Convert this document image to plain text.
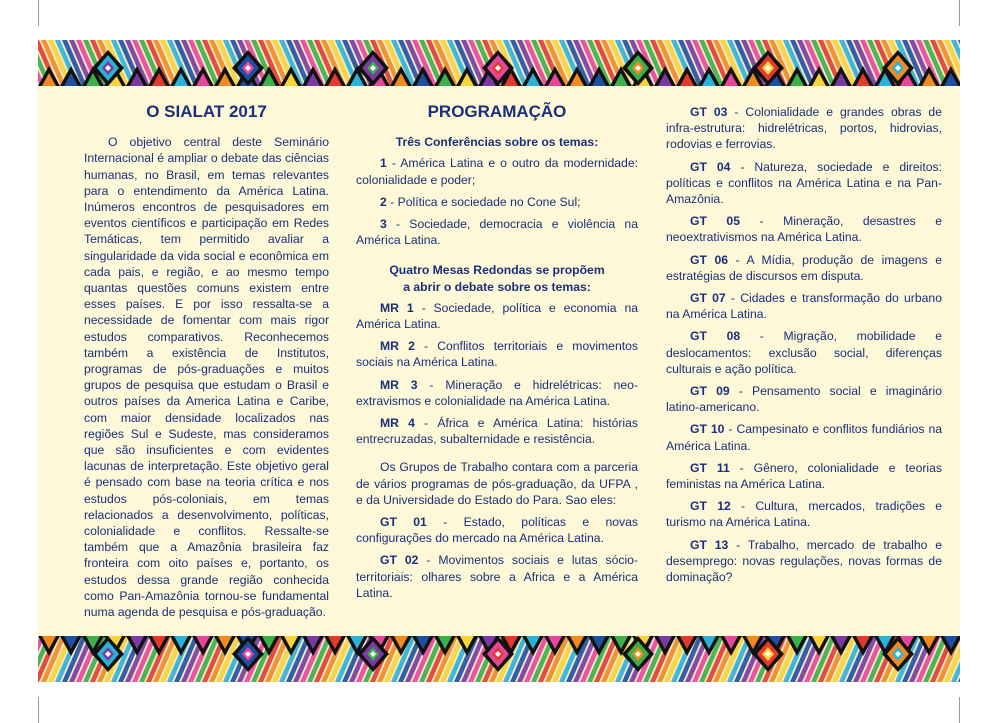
O SIALAT 2017

O objetivo central deste Seminário Internacional é ampliar o debate das ciências humanas, no Brasil, em temas relevantes para o entendimento da América Latina. Inúmeros encontros de pesquisadores em eventos científicos e participação em Redes Temáticas, tem permitido avaliar a singularidade da vida social e econômica em cada pais, e região, e ao mesmo tempo quantas questões comuns existem entre esses países. E por isso ressalta-se a necessidade de fomentar com mais rigor estudos comparativos. Reconhecemos também a existência de Institutos, programas de pós-graduações e muitos grupos de pesquisa que estudam o Brasil e outros países da America Latina e Caribe, com maior densidade localizados nas regiões Sul e Sudeste, mas consideramos que são insuficientes e com evidentes lacunas de interpretação. Este objetivo geral é pensado com base na teoria crítica e nos estudos pós-coloniais, em temas relacionados a desenvolvimento, políticas, colonialidade e conflitos. Ressalte-se também que a Amazônia brasileira faz fronteira com oito países e, portanto, os estudos dessa grande região conhecida como Pan-Amazônia tornou-se fundamental numa agenda de pesquisa e pós-graduação.

PROGRAMAÇÃO

Três Conferências sobre os temas:

1 - América Latina e o outro da modernidade: colonialidade e poder;

2 - Política e sociedade no Cone Sul;

3 - Sociedade, democracia e violência na América Latina.

Quatro Mesas Redondas se propõem

a abrir o debate sobre os temas:

MR 1 - Sociedade, política e economia na América Latina.

MR 2 - Conflitos territoriais e movimentos sociais na América Latina.

MR 3 - Mineração e hidrelétricas: neo-extravismos e colonialidade na América Latina.

MR 4 - África e América Latina: histórias entrecruzadas, subalternidade e resistência.

Os Grupos de Trabalho contara com a parceria de vários programas de pós-graduação, da UFPA , e da Universidade do Estado do Para. Sao eles:

GT 01 - Estado, políticas e novas configurações do mercado na América Latina.

GT 02 - Movimentos sociais e lutas sócio-territoriais: olhares sobre a Africa e a América Latina.

GT 03 - Colonialidade e grandes obras de infra-estrutura: hidrelétricas, portos, hidrovias, rodovias e ferrovias.

GT 04 - Natureza, sociedade e direitos: políticas e conflitos na América Latina e na Pan-Amazônia.

GT 05 - Mineração, desastres e neoextrativismos na América Latina.

GT 06 - A Mídia, produção de imagens e estratégias de discursos em disputa.

GT 07 - Cidades e transformação do urbano na América Latina.

GT 08 - Migração, mobilidade e deslocamentos: exclusão social, diferenças culturais e ação política.

GT 09 - Pensamento social e imaginário latino-americano.

GT 10 - Campesinato e conflitos fundiários na América Latina.

GT 11 - Gênero, colonialidade e teorias feministas na América Latina.

GT 12 - Cultura, mercados, tradições e turismo na América Latina.

GT 13 - Trabalho, mercado de trabalho e desemprego: novas regulações, novas formas de dominação?
